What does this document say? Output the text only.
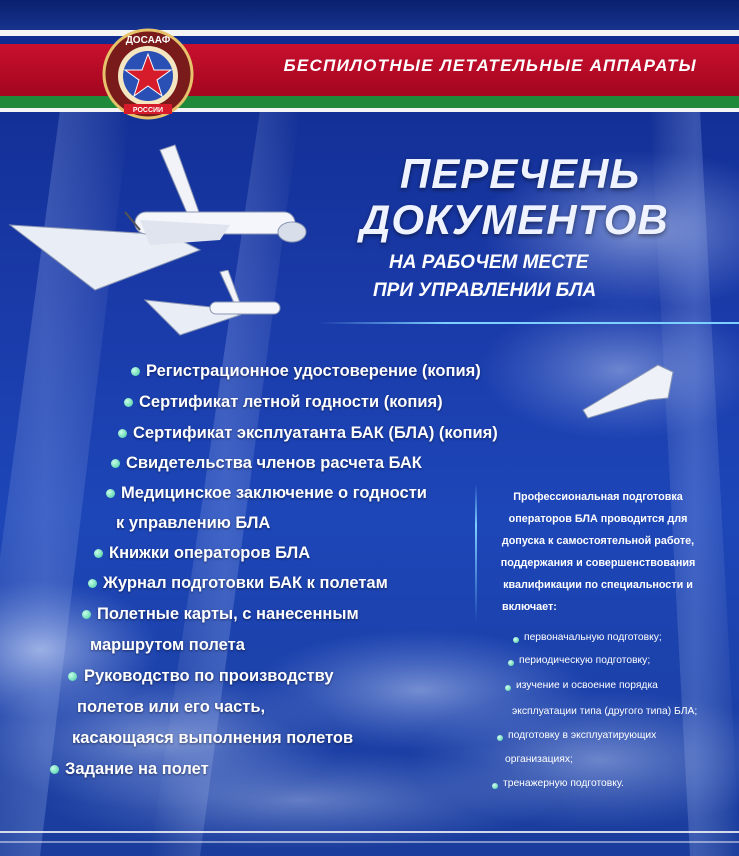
БЕСПИЛОТНЫЕ ЛЕТАТЕЛЬНЫЕ АППАРАТЫ
ДОСААФ
РОССИИ
ПЕРЕЧЕНЬ
ДОКУМЕНТОВ
НА РАБОЧЕМ МЕСТЕ
ПРИ УПРАВЛЕНИИ БЛА
Регистрационное удостоверение (копия)
Сертификат летной годности (копия)
Сертификат эксплуатанта БАК (БЛА) (копия)
Свидетельства членов расчета БАК
Медицинское заключение о годности
к управлению БЛА
Книжки операторов БЛА
Журнал подготовки БАК к полетам
Полетные карты, с нанесенным
маршрутом полета
Руководство по производству
полетов или его часть,
касающаяся выполнения полетов
Задание на полет
Профессиональная подготовка
операторов БЛА проводится для
допуска к самостоятельной работе,
поддержания и совершенствования
квалификации по специальности и
включает:
первоначальную подготовку;
периодическую подготовку;
изучение и освоение порядка
эксплуатации типа (другого типа) БЛА;
подготовку в эксплуатирующих
организациях;
тренажерную подготовку.
